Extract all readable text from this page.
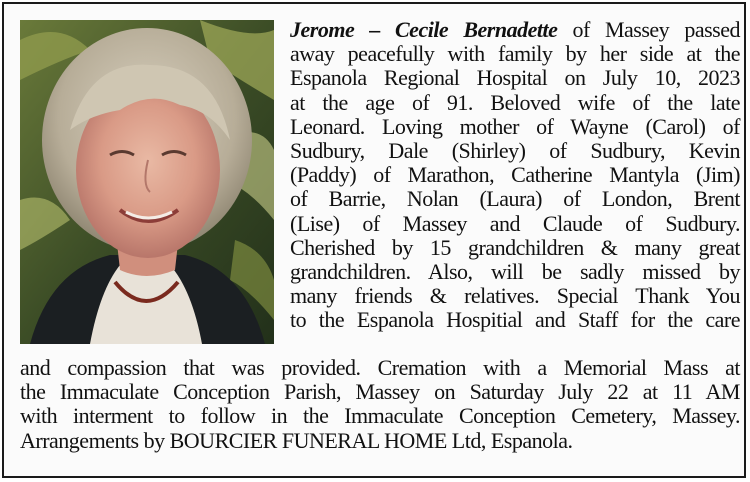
Jerome – Cecile Bernadette of Massey passed
away peacefully with family by her side at the
Espanola Regional Hospital on July 10, 2023
at the age of 91. Beloved wife of the late
Leonard. Loving mother of Wayne (Carol) of
Sudbury, Dale (Shirley) of Sudbury, Kevin
(Paddy) of Marathon, Catherine Mantyla (Jim)
of Barrie, Nolan (Laura) of London, Brent
(Lise) of Massey and Claude of Sudbury.
Cherished by 15 grandchildren & many great
grandchildren. Also, will be sadly missed by
many friends & relatives. Special Thank You
to the Espanola Hospitial and Staff for the care
and compassion that was provided. Cremation with a Memorial Mass at
the Immaculate Conception Parish, Massey on Saturday July 22 at 11 AM
with interment to follow in the Immaculate Conception Cemetery, Massey.
Arrangements by BOURCIER FUNERAL HOME Ltd, Espanola.
